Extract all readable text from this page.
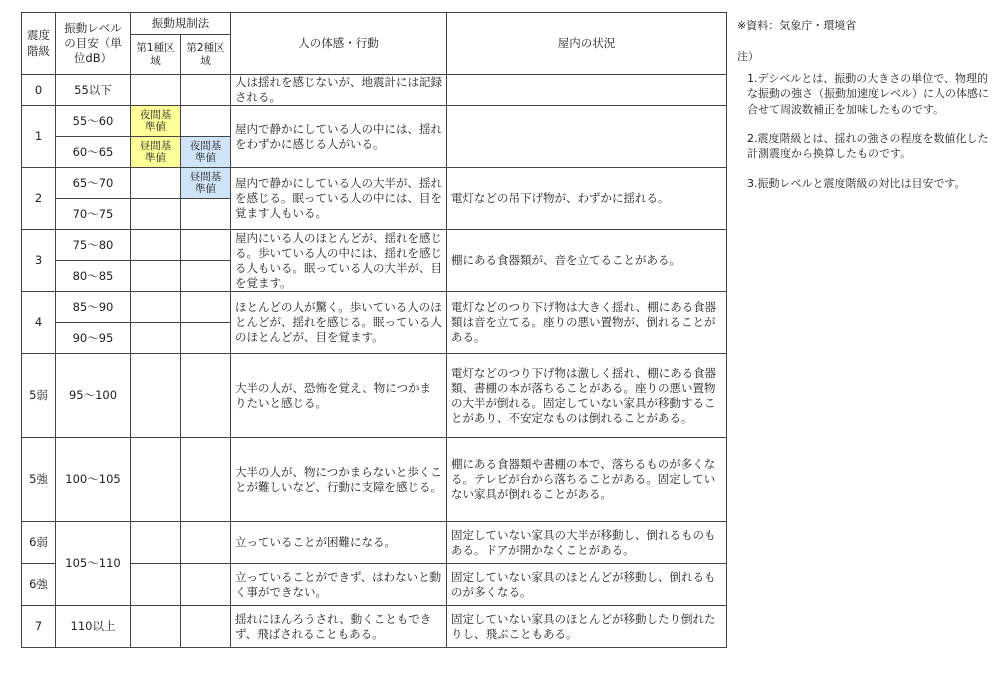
震度階級	振動レベルの目安（単位dB）	振動規制法		人の体感・行動	屋内の状況
		第1種区域	第2種区域		
0	55以下			人は揺れを感じないが、地震計には記録される。	
1	55〜60	夜間基準値		屋内で静かにしている人の中には、揺れをわずかに感じる人がいる。	
	60〜65	昼間基準値	夜間基準値		
2	65〜70		昼間基準値	屋内で静かにしている人の大半が、揺れを感じる。眠っている人の中には、目を覚ます人もいる。	電灯などの吊下げ物が、わずかに揺れる。
	70〜75				
3	75〜80			屋内にいる人のほとんどが、揺れを感じる。歩いている人の中には、揺れを感じる人もいる。眠っている人の大半が、目を覚ます。	棚にある食器類が、音を立てることがある。
	80〜85				
4	85〜90			ほとんどの人が驚く。歩いている人のほとんどが、揺れを感じる。眠っている人のほとんどが、目を覚ます。	電灯などのつり下げ物は大きく揺れ、棚にある食器類は音を立てる。座りの悪い置物が、倒れることがある。
	90〜95				
5弱	95〜100			大半の人が、恐怖を覚え、物につかまりたいと感じる。	電灯などのつり下げ物は激しく揺れ、棚にある食器類、書棚の本が落ちることがある。座りの悪い置物の大半が倒れる。固定していない家具が移動することがあり、不安定なものは倒れることがある。
5強	100〜105			大半の人が、物につかまらないと歩くことが難しいなど、行動に支障を感じる。	棚にある食器類や書棚の本で、落ちるものが多くなる。テレビが台から落ちることがある。固定していない家具が倒れることがある。
6弱	105〜110			立っていることが困難になる。	固定していない家具の大半が移動し、倒れるものもある。ドアが開かなくことがある。
6強				立っていることができず、はわないと動く事ができない。	固定していない家具のほとんどが移動し、倒れるものが多くなる。
7	110以上			揺れにほんろうされ、動くこともできず、飛ばされることもある。	固定していない家具のほとんどが移動したり倒れたりし、飛ぶこともある。

※資料：気象庁・環境省

注）

1.デシベルとは、振動の大きさの単位で、物理的な振動の強さ（振動加速度レベル）に人の体感に合せて周波数補正を加味したものです。

2.震度階級とは、揺れの強さの程度を数値化した計測震度から換算したものです。

3.振動レベルと震度階級の対比は目安です。
